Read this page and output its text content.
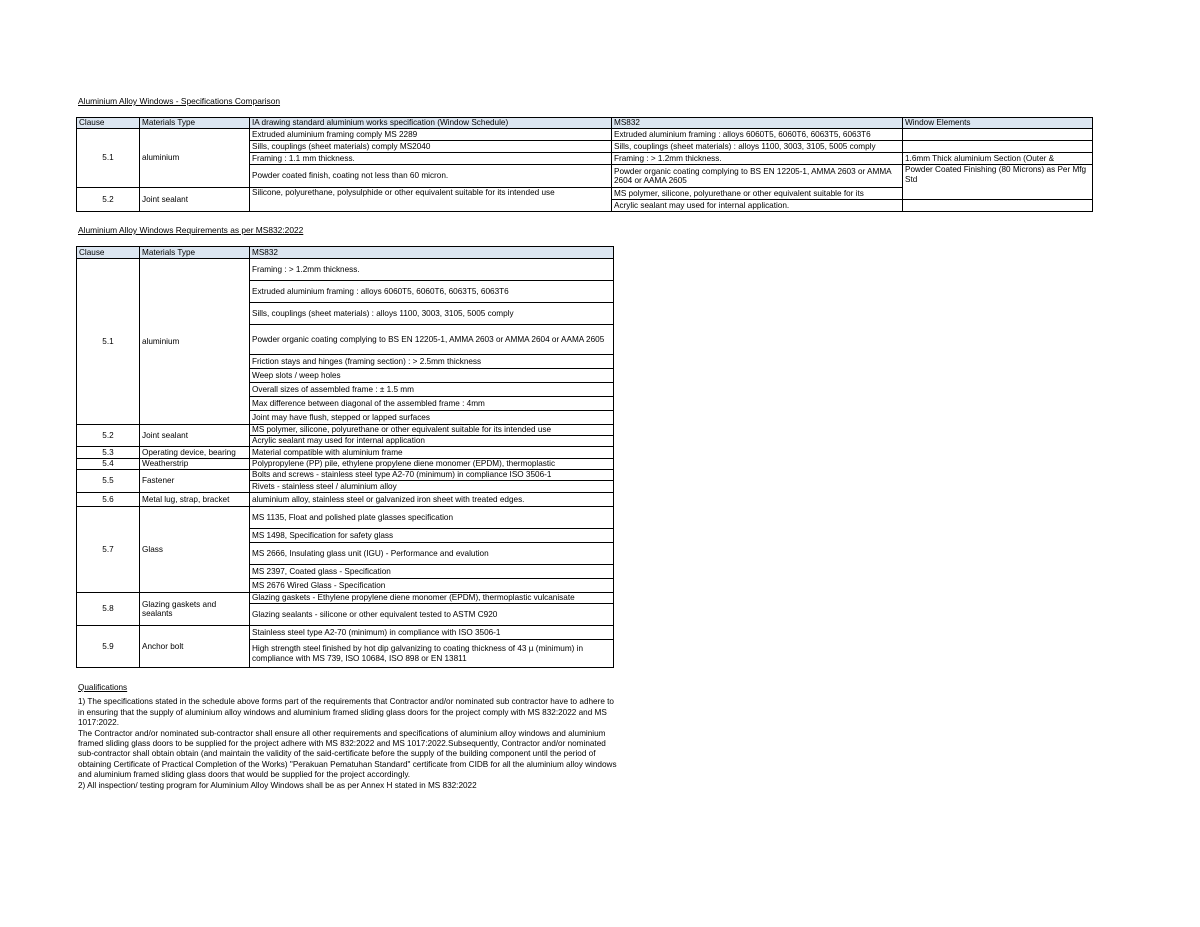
Aluminium Alloy Windows - Specifications Comparison
Clause	Materials Type	IA drawing standard aluminium works specification (Window Schedule)	MS832	Window Elements
5.1	aluminium	Extruded aluminium framing comply MS 2289	Extruded aluminium framing : alloys 6060T5, 6060T6, 6063T5, 6063T6	
		Sills, couplings (sheet materials) comply MS2040	Sills, couplings (sheet materials) : alloys 1100, 3003, 3105, 5005 comply	
		Framing : 1.1 mm thickness.	Framing : > 1.2mm thickness.	1.6mm Thick aluminium Section (Outer &
		Powder coated finish, coating not less than 60 micron.	Powder organic coating complying to BS EN 12205-1, AMMA 2603 or AMMA 2604 or AAMA 2605	Powder Coated Finishing (80 Microns) as Per Mfg Std
5.2	Joint sealant	Silicone, polyurethane, polysulphide or other equivalent suitable for its intended use	MS polymer, silicone, polyurethane or other equivalent suitable for its	
			Acrylic sealant may used for internal application.	
Aluminium Alloy Windows Requirements as per MS832:2022
Clause	Materials Type	MS832
5.1	aluminium	Framing : > 1.2mm thickness.
		Extruded aluminium framing : alloys 6060T5, 6060T6, 6063T5, 6063T6
		Sills, couplings (sheet materials) : alloys 1100, 3003, 3105, 5005 comply
		Powder organic coating complying to BS EN 12205-1, AMMA 2603 or AMMA 2604 or AAMA 2605
		Friction stays and hinges (framing section) : > 2.5mm thickness
		Weep slots / weep holes
		Overall sizes of assembled frame : ± 1.5 mm
		Max difference between diagonal of the assembled frame : 4mm
		Joint may have flush, stepped or lapped surfaces
5.2	Joint sealant	MS polymer, silicone, polyurethane or other equivalent suitable for its intended use
		Acrylic sealant may used for internal application
5.3	Operating device, bearing	Material compatible with aluminium frame
5.4	Weatherstrip	Polypropylene (PP) pile, ethylene propylene diene monomer (EPDM), thermoplastic
5.5	Fastener	Bolts and screws - stainless steel type A2-70 (minimum) in compliance ISO 3506-1
		Rivets - stainless steel / aluminium alloy
5.6	Metal lug, strap, bracket	aluminium alloy, stainless steel or galvanized iron sheet with treated edges.
5.7	Glass	MS 1135, Float and polished plate glasses specification
		MS 1498, Specification for safety glass
		MS 2666, Insulating glass unit (IGU) - Performance and evalution
		MS 2397, Coated glass - Specification
		MS 2676 Wired Glass - Specification
5.8	Glazing gaskets and sealants	Glazing gaskets - Ethylene propylene diene monomer (EPDM), thermoplastic vulcanisate
		Glazing sealants - silicone or other equivalent tested to ASTM C920
5.9	Anchor bolt	Stainless steel type A2-70 (minimum) in compliance with ISO 3506-1
		High strength steel finished by hot dip galvanizing to coating thickness of 43 µ (minimum) in compliance with MS 739, ISO 10684, ISO 898 or EN 13811
Qualifications

1) The specifications stated in the schedule above forms part of the requirements that Contractor and/or nominated sub contractor have to adhere to in ensuring that the supply of aluminium alloy windows and aluminium framed sliding glass doors for the project comply with MS 832:2022 and MS 1017:2022.

The Contractor and/or nominated sub-contractor shall ensure all other requirements and specifications of aluminium alloy windows and aluminium framed sliding glass doors to be supplied for the project adhere with MS 832:2022 and MS 1017:2022.Subsequently, Contractor and/or nominated sub-contractor shall obtain obtain (and maintain the validity of the said-certificate before the supply of the building component until the period of obtaining Certificate of Practical Completion of the Works) "Perakuan Pematuhan Standard" certificate from CIDB for all the aluminium alloy windows and aluminium framed sliding glass doors that would be supplied for the project accordingly.

2) All inspection/ testing program for Aluminium Alloy Windows shall be as per Annex H stated in MS 832:2022
